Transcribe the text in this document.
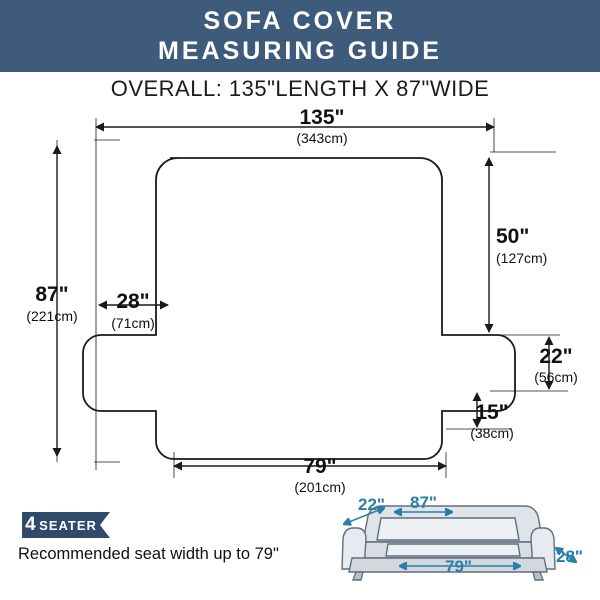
SOFA COVER
MEASURING GUIDE
OVERALL: 135"LENGTH X 87"WIDE
135"
(343cm)
87"
(221cm)
50"
(127cm)
28"
(71cm)
22"
(56cm)
15"
(38cm)
79"
(201cm)
22" 87"
79"
28"
4 SEATER
Recommended seat width up to 79"
